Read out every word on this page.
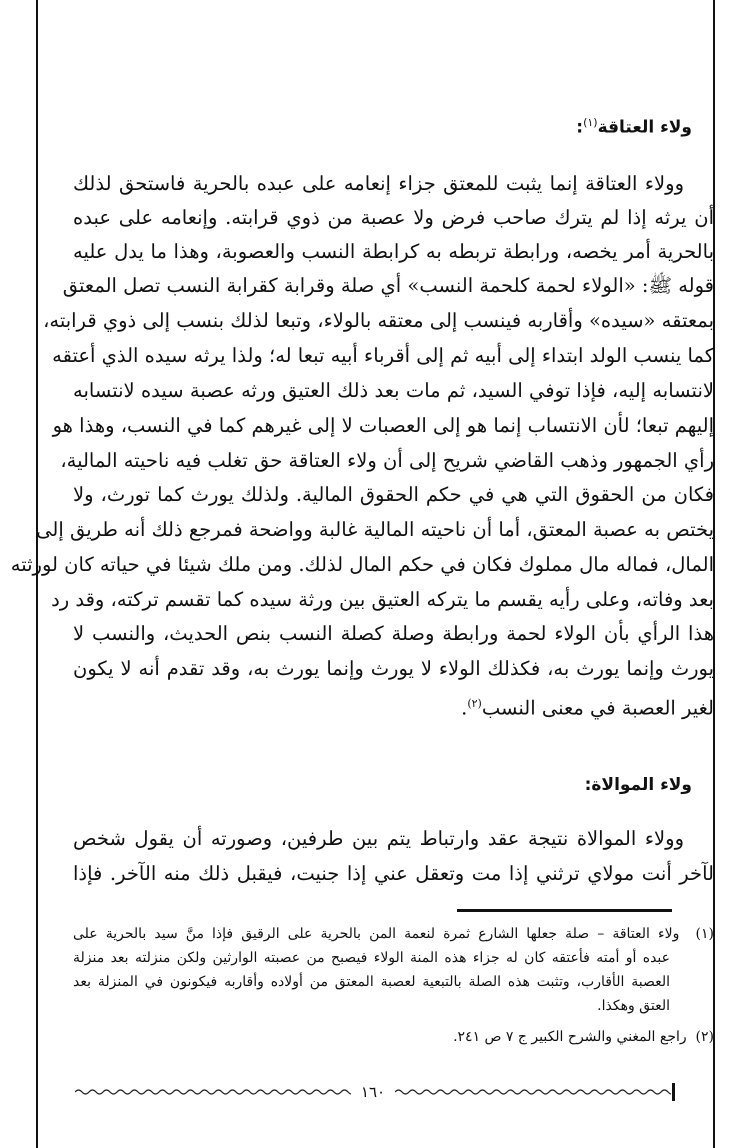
ولاء العتاقة$^{(١)}$:
وولاء العتاقة إنما يثبت للمعتق جزاء إنعامه على عبده بالحرية فاستحق لذلك
أن يرثه إذا لم يترك صاحب فرض ولا عصبة من ذوي قرابته. وإنعامه على عبده
بالحرية أمر يخصه، ورابطة تربطه به كرابطة النسب والعصوبة، وهذا ما يدل عليه
قوله ﷺ: «الولاء لحمة كلحمة النسب» أي صلة وقرابة كقرابة النسب تصل المعتق
بمعتقه «سيده» وأقاربه فينسب إلى معتقه بالولاء، وتبعا لذلك بنسب إلى ذوي قرابته،
كما ينسب الولد ابتداء إلى أبيه ثم إلى أقرباء أبيه تبعا له؛ ولذا يرثه سيده الذي أعتقه
لانتسابه إليه، فإذا توفي السيد، ثم مات بعد ذلك العتيق ورثه عصبة سيده لانتسابه
إليهم تبعا؛ لأن الانتساب إنما هو إلى العصبات لا إلى غيرهم كما في النسب، وهذا هو
رأي الجمهور وذهب القاضي شريح إلى أن ولاء العتاقة حق تغلب فيه ناحيته المالية،
فكان من الحقوق التي هي في حكم الحقوق المالية. ولذلك يورث كما تورث، ولا
يختص به عصبة المعتق، أما أن ناحيته المالية غالبة وواضحة فمرجع ذلك أنه طريق إلى
المال، فماله مال مملوك فكان في حكم المال لذلك. ومن ملك شيئا في حياته كان لورثته
بعد وفاته، وعلى رأيه يقسم ما يتركه العتيق بين ورثة سيده كما تقسم تركته، وقد رد
هذا الرأي بأن الولاء لحمة ورابطة وصلة كصلة النسب بنص الحديث، والنسب لا
يورث وإنما يورث به، فكذلك الولاء لا يورث وإنما يورث به، وقد تقدم أنه لا يكون
لغير العصبة في معنى النسب$^{(٢)}$.
ولاء الموالاة:
وولاء الموالاة نتيجة عقد وارتباط يتم بين طرفين، وصورته أن يقول شخص
لآخر أنت مولاي ترثني إذا مت وتعقل عني إذا جنيت، فيقبل ذلك منه الآخر. فإذا
(١)  ولاء العتاقة – صلة جعلها الشارع ثمرة لنعمة المن بالحرية على الرقيق فإذا منَّ سيد بالحرية على
عبده أو أمته فأعتقه كان له جزاء هذه المنة الولاء فيصبح من عصبته الوارثين ولكن منزلته بعد منزلة
العصبة الأقارب، وتثبت هذه الصلة بالتبعية لعصبة المعتق من أولاده وأقاربه فيكونون في المنزلة بعد
العتق وهكذا.
(٢)  راجع المغني والشرح الكبير ج ٧ ص ٢٤١.
١٦٠
